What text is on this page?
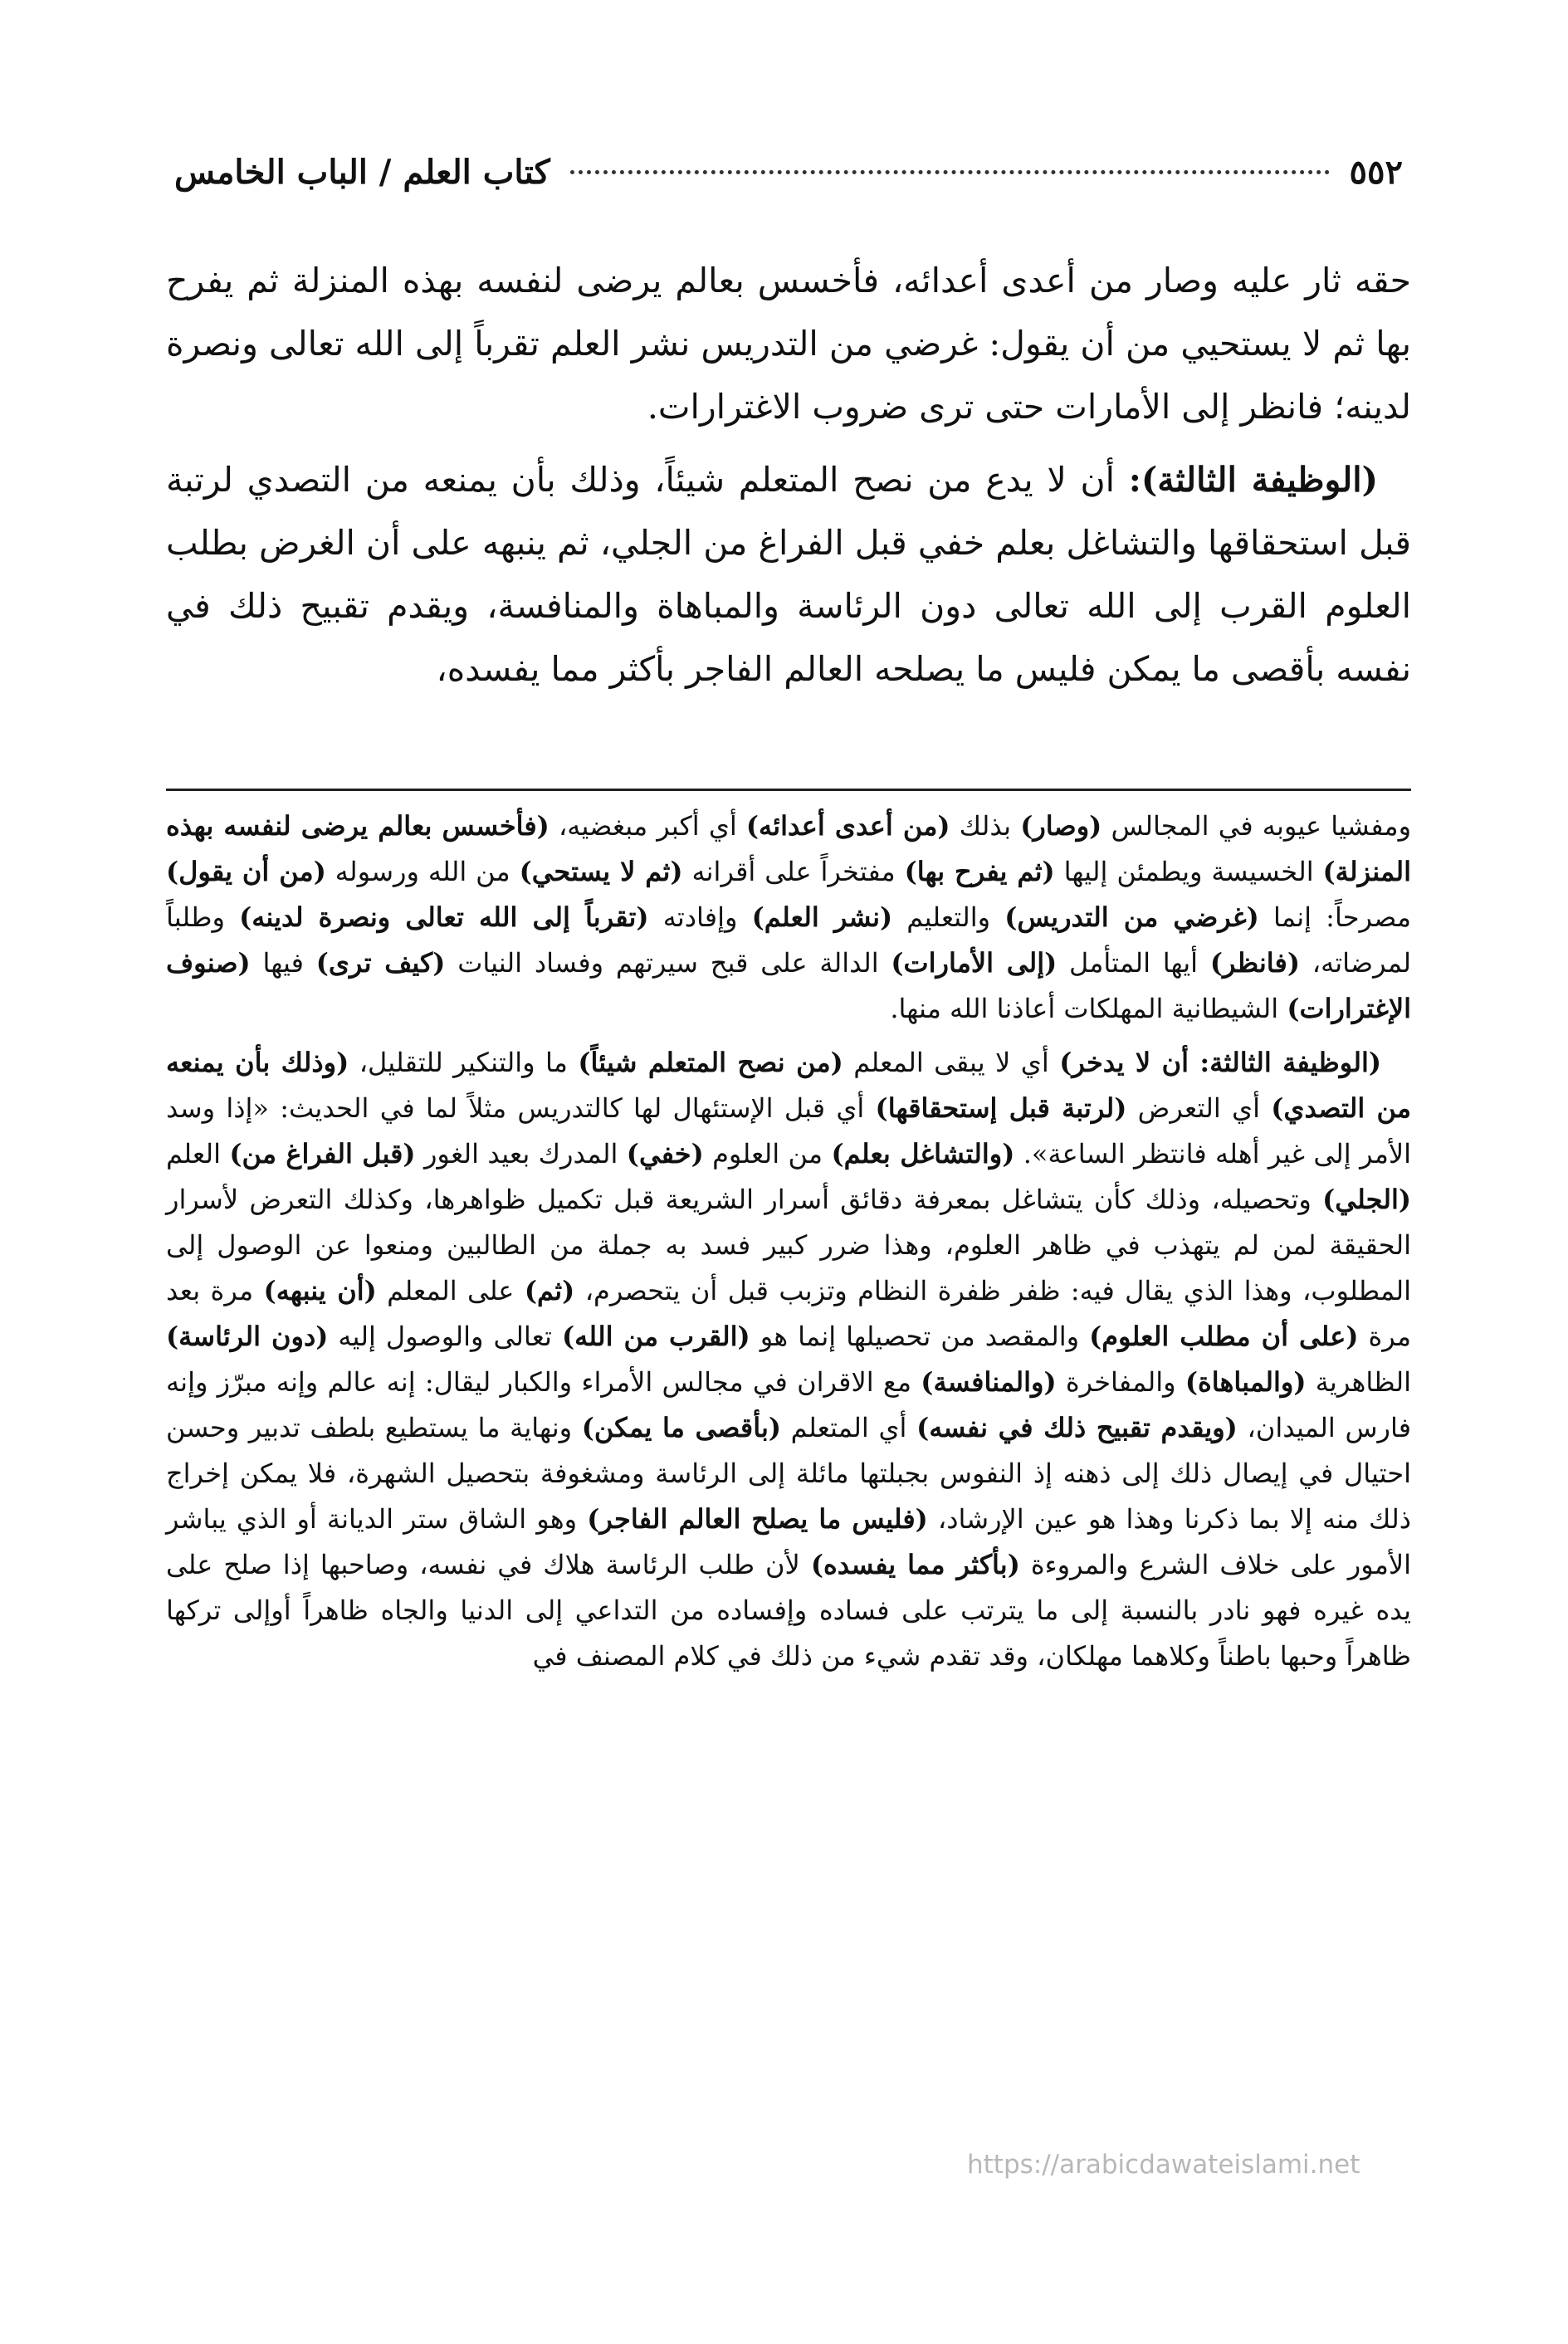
٥٥٢
كتاب العلم / الباب الخامس

حقه ثار عليه وصار من أعدى أعدائه، فأخسس بعالم يرضى لنفسه بهذه المنزلة ثم يفرح بها ثم لا يستحيي من أن يقول: غرضي من التدريس نشر العلم تقرباً إلى الله تعالى ونصرة لدينه؛ فانظر إلى الأمارات حتى ترى ضروب الاغترارات.

(الوظيفة الثالثة): أن لا يدع من نصح المتعلم شيئاً، وذلك بأن يمنعه من التصدي لرتبة قبل استحقاقها والتشاغل بعلم خفي قبل الفراغ من الجلي، ثم ينبهه على أن الغرض بطلب العلوم القرب إلى الله تعالى دون الرئاسة والمباهاة والمنافسة، ويقدم تقبيح ذلك في نفسه بأقصى ما يمكن فليس ما يصلحه العالم الفاجر بأكثر مما يفسده،

ومفشيا عيوبه في المجالس (وصار) بذلك (من أعدى أعدائه) أي أكبر مبغضيه، (فأخسس بعالم يرضى لنفسه بهذه المنزلة) الخسيسة ويطمئن إليها (ثم يفرح بها) مفتخراً على أقرانه (ثم لا يستحي) من الله ورسوله (من أن يقول) مصرحاً: إنما (غرضي من التدريس) والتعليم (نشر العلم) وإفادته (تقرباً إلى الله تعالى ونصرة لدينه) وطلباً لمرضاته، (فانظر) أيها المتأمل (إلى الأمارات) الدالة على قبح سيرتهم وفساد النيات (كيف ترى) فيها (صنوف الإغترارات) الشيطانية المهلكات أعاذنا الله منها.

(الوظيفة الثالثة: أن لا يدخر) أي لا يبقى المعلم (من نصح المتعلم شيئاً) ما والتنكير للتقليل، (وذلك بأن يمنعه من التصدي) أي التعرض (لرتبة قبل إستحقاقها) أي قبل الإستئهال لها كالتدريس مثلاً لما في الحديث: «إذا وسد الأمر إلى غير أهله فانتظر الساعة». (والتشاغل بعلم) من العلوم (خفي) المدرك بعيد الغور (قبل الفراغ من) العلم (الجلي) وتحصيله، وذلك كأن يتشاغل بمعرفة دقائق أسرار الشريعة قبل تكميل ظواهرها، وكذلك التعرض لأسرار الحقيقة لمن لم يتهذب في ظاهر العلوم، وهذا ضرر كبير فسد به جملة من الطالبين ومنعوا عن الوصول إلى المطلوب، وهذا الذي يقال فيه: ظفر ظفرة النظام وتزبب قبل أن يتحصرم، (ثم) على المعلم (أن ينبهه) مرة بعد مرة (على أن مطلب العلوم) والمقصد من تحصيلها إنما هو (القرب من الله) تعالى والوصول إليه (دون الرئاسة) الظاهرية (والمباهاة) والمفاخرة (والمنافسة) مع الاقران في مجالس الأمراء والكبار ليقال: إنه عالم وإنه مبرّز وإنه فارس الميدان، (ويقدم تقبيح ذلك في نفسه) أي المتعلم (بأقصى ما يمكن) ونهاية ما يستطيع بلطف تدبير وحسن احتيال في إيصال ذلك إلى ذهنه إذ النفوس بجبلتها مائلة إلى الرئاسة ومشغوفة بتحصيل الشهرة، فلا يمكن إخراج ذلك منه إلا بما ذكرنا وهذا هو عين الإرشاد، (فليس ما يصلح العالم الفاجر) وهو الشاق ستر الديانة أو الذي يباشر الأمور على خلاف الشرع والمروءة (بأكثر مما يفسده) لأن طلب الرئاسة هلاك في نفسه، وصاحبها إذا صلح على يده غيره فهو نادر بالنسبة إلى ما يترتب على فساده وإفساده من التداعي إلى الدنيا والجاه ظاهراً أوإلى تركها ظاهراً وحبها باطناً وكلاهما مهلكان، وقد تقدم شيء من ذلك في كلام المصنف في

https://arabicdawateislami.net
